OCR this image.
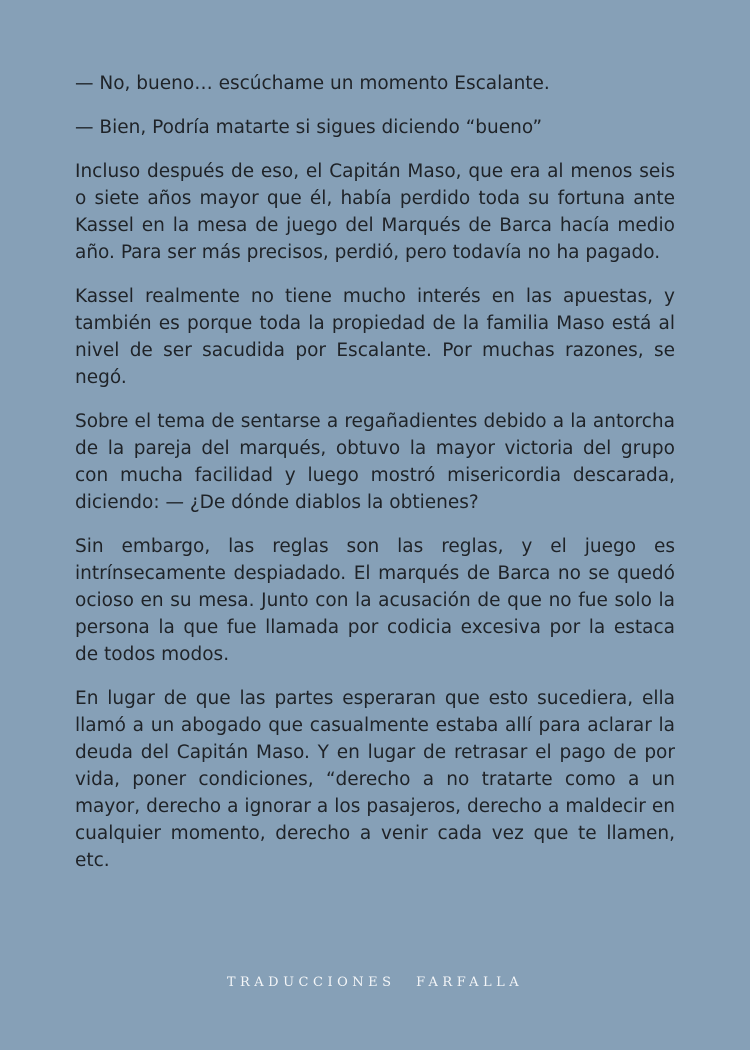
— No, bueno… escúchame un momento Escalante.

— Bien, Podría matarte si sigues diciendo “bueno”

Incluso después de eso, el Capitán Maso, que era al menos seis o siete años mayor que él, había perdido toda su fortuna ante Kassel en la mesa de juego del Marqués de Barca hacía medio año. Para ser más precisos, perdió, pero todavía no ha pagado.

Kassel realmente no tiene mucho interés en las apuestas, y también es porque toda la propiedad de la familia Maso está al nivel de ser sacudida por Escalante. Por muchas razones, se negó.

Sobre el tema de sentarse a regañadientes debido a la antorcha de la pareja del marqués, obtuvo la mayor victoria del grupo con mucha facilidad y luego mostró misericordia descarada, diciendo: — ¿De dónde diablos la obtienes?

Sin embargo, las reglas son las reglas, y el juego es intrínsecamente despiadado. El marqués de Barca no se quedó ocioso en su mesa. Junto con la acusación de que no fue solo la persona la que fue llamada por codicia excesiva por la estaca de todos modos.

En lugar de que las partes esperaran que esto sucediera, ella llamó a un abogado que casualmente estaba allí para aclarar la deuda del Capitán Maso. Y en lugar de retrasar el pago de por vida, poner condiciones, “derecho a no tratarte como a un mayor, derecho a ignorar a los pasajeros, derecho a maldecir en cualquier momento, derecho a venir cada vez que te llamen, etc.

TRADUCCIONES FARFALLA
